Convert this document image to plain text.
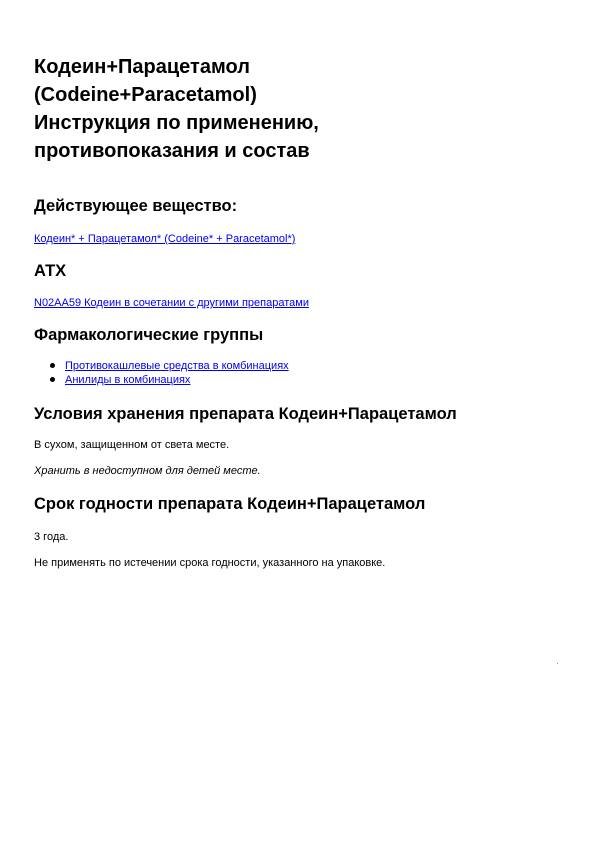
Кодеин+Парацетамол
(Codeine+Paracetamol)
Инструкция по применению,
противопоказания и состав
Действующее вещество:

Кодеин* + Парацетамол* (Codeine* + Paracetamol*)

АТХ

N02AA59 Кодеин в сочетании с другими препаратами

Фармакологические группы
Противокашлевые средства в комбинациях
Анилиды в комбинациях
Условия хранения препарата Кодеин+Парацетамол

В сухом, защищенном от света месте.

Хранить в недоступном для детей месте.

Срок годности препарата Кодеин+Парацетамол

3 года.

Не применять по истечении срока годности, указанного на упаковке.
